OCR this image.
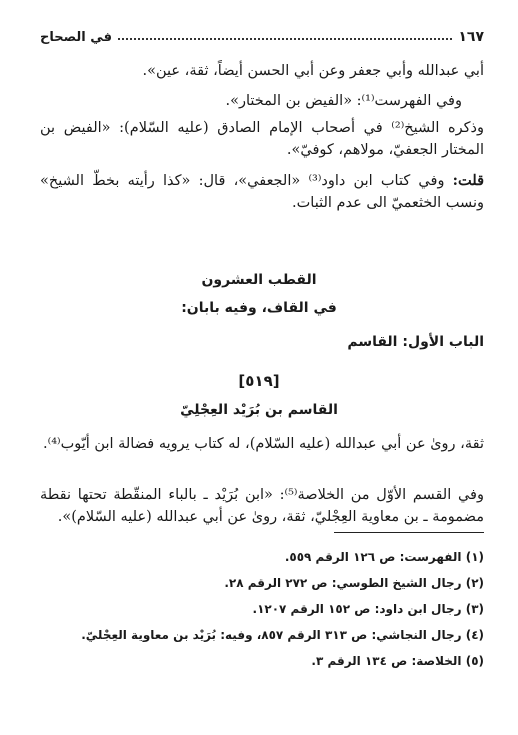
في الصحاح	١٦٧
أبي عبدالله وأبي جعفر وعن أبي الحسن أيضاً، ثقة، عين».
وفي الفهرست⁽¹⁾: «الفيض بن المختار».
وذكره الشيخ⁽²⁾ في أصحاب الإمام الصادق (عليه السّلام): «الفيض بن المختار الجعفيّ، مولاهم، كوفيّ».
قلت: وفي كتاب ابن داود⁽³⁾ «الجعفي»، قال: «كذا رأيته بخطّ الشيخ» ونسب الخثعميّ الى عدم الثبات.
القطب العشرون
في القاف، وفيه بابان:
الباب الأول: القاسم
[٥١٩]
القاسم بن بُرَيْد العِجْلِيّ
ثقة، روىٰ عن أبي عبدالله (عليه السّلام)، له كتاب يرويه فضالة ابن أيّوب⁽⁴⁾.
وفي القسم الأوّل من الخلاصة⁽⁵⁾: «ابن بُرَيْد ـ بالباء المنقّطة تحتها نقطة مضمومة ـ بن معاوية العِجْليّ، ثقة، روىٰ عن أبي عبدالله (عليه السّلام)».
(١) الفهرست: ص ١٢٦ الرقم ٥٥٩.
(٢) رجال الشيخ الطوسي: ص ٢٧٢ الرقم ٢٨.
(٣) رجال ابن داود: ص ١٥٢ الرقم ١٢٠٧.
(٤) رجال النجاشي: ص ٣١٣ الرقم ٨٥٧، وفيه: بُرَيْد بن معاوية العِجْليّ.
(٥) الخلاصة: ص ١٣٤ الرقم ٣.
